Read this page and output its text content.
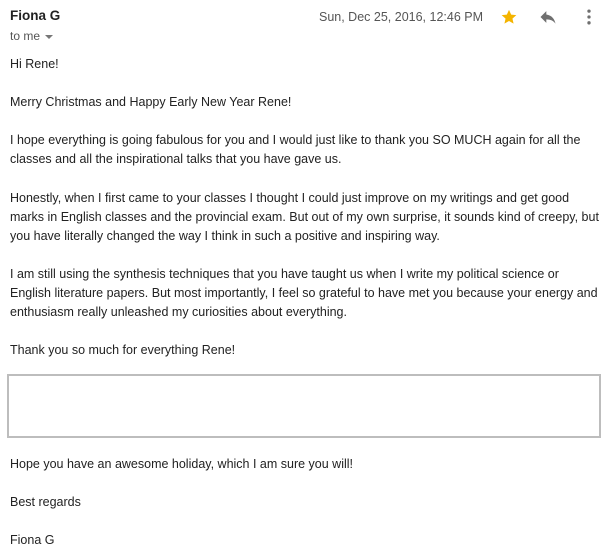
Fiona G
to me
Sun, Dec 25, 2016, 12:46 PM
Hi Rene!
Merry Christmas and Happy Early New Year Rene!
I hope everything is going fabulous for you and I would just like to thank you SO MUCH again for all the classes and all the inspirational talks that you have gave us.
Honestly, when I first came to your classes I thought I could just improve on my writings and get good marks in English classes and the provincial exam. But out of my own surprise, it sounds kind of creepy, but you have literally changed the way I think in such a positive and inspiring way.
I am still using the synthesis techniques that you have taught us when I write my political science or English literature papers. But most importantly, I feel so grateful to have met you because your energy and enthusiasm really unleashed my curiosities about everything.
Thank you so much for everything Rene!
Hope you have an awesome holiday, which I am sure you will!
Best regards
Fiona G
